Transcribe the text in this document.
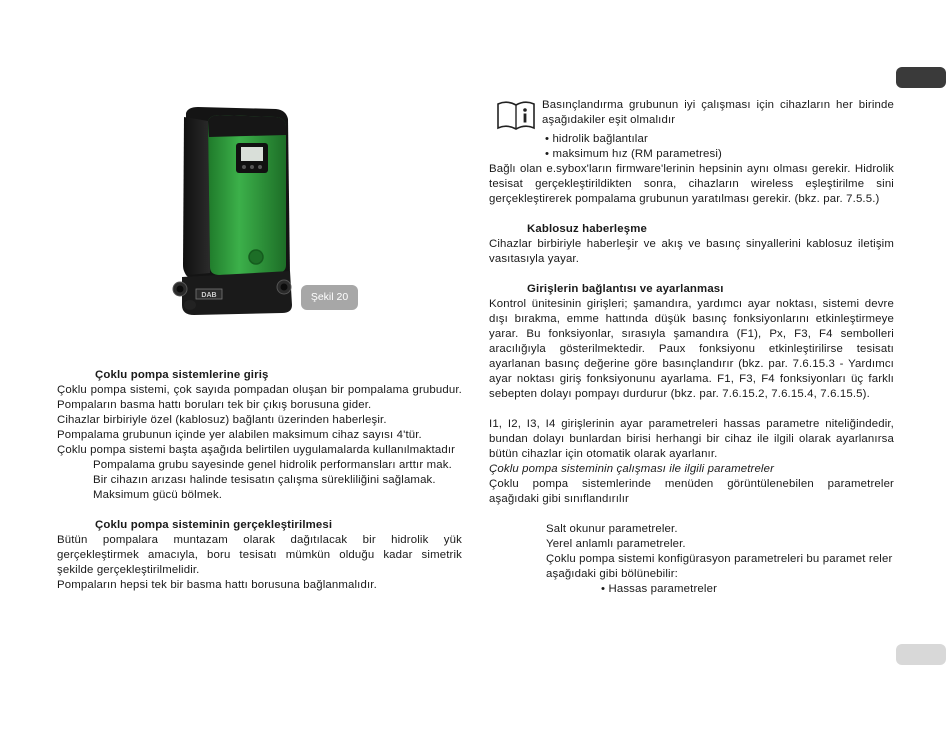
DAB	Şekil 20

Çoklu pompa sistemlerine giriş

Çoklu pompa sistemi, çok sayıda pompadan oluşan bir pompalama grubudur. Pompaların basma hattı boruları tek bir çıkış borusuna gider.

Cihazlar birbiriyle özel (kablosuz) bağlantı üzerinden haberleşir.

Pompalama grubunun içinde yer alabilen maksimum cihaz sayısı 4'tür.

Çoklu pompa sistemi başta aşağıda belirtilen uygulamalarda kullanılmaktadır

Pompalama grubu sayesinde genel hidrolik performansları arttır mak.

Bir cihazın arızası halinde tesisatın çalışma sürekliliğini sağlamak.

Maksimum gücü bölmek.

Çoklu pompa sisteminin gerçekleştirilmesi

Bütün pompalara muntazam olarak dağıtılacak bir hidrolik yük gerçekleştirmek amacıyla, boru tesisatı mümkün olduğu kadar simetrik şekilde gerçekleştirilmelidir.

Pompaların hepsi tek bir basma hattı borusuna bağlanmalıdır.

Basınçlandırma grubunun iyi çalışması için cihazların her birinde aşağıdakiler eşit olmalıdır

• hidrolik bağlantılar

• maksimum hız (RM parametresi)

Bağlı olan e.sybox'ların firmware'lerinin hepsinin aynı olması gerekir. Hidrolik tesisat gerçekleştirildikten sonra, cihazların wireless eşleştirilme sini gerçekleştirerek pompalama grubunun yaratılması gerekir. (bkz. par. 7.5.5.)

Kablosuz haberleşme

Cihazlar birbiriyle haberleşir ve akış ve basınç sinyallerini kablosuz iletişim vasıtasıyla yayar.

Girişlerin bağlantısı ve ayarlanması

Kontrol ünitesinin girişleri; şamandıra, yardımcı ayar noktası, sistemi devre dışı bırakma, emme hattında düşük basınç fonksiyonlarını etkinleştirmeye yarar. Bu fonksiyonlar, sırasıyla şamandıra (F1), Px, F3, F4 sembolleri aracılığıyla gösterilmektedir. Paux fonksiyonu etkinleştirilirse tesisatı ayarlanan basınç değerine göre basınçlandırır (bkz. par. 7.6.15.3 - Yardımcı ayar noktası giriş fonksiyonunu ayarlama. F1, F3, F4 fonksiyonları üç farklı sebepten dolayı pompayı durdurur (bkz. par. 7.6.15.2, 7.6.15.4, 7.6.15.5).

I1, I2, I3, I4 girişlerinin ayar parametreleri hassas parametre niteliğindedir, bundan dolayı bunlardan birisi herhangi bir cihaz ile ilgili olarak ayarlanırsa bütün cihazlar için otomatik olarak ayarlanır.

Çoklu pompa sisteminin çalışması ile ilgili parametreler

Çoklu pompa sistemlerinde menüden görüntülenebilen parametreler aşağıdaki gibi sınıflandırılır

Salt okunur parametreler.

Yerel anlamlı parametreler.

Çoklu pompa sistemi konfigürasyon parametreleri bu paramet reler aşağıdaki gibi bölünebilir:

• Hassas parametreler
